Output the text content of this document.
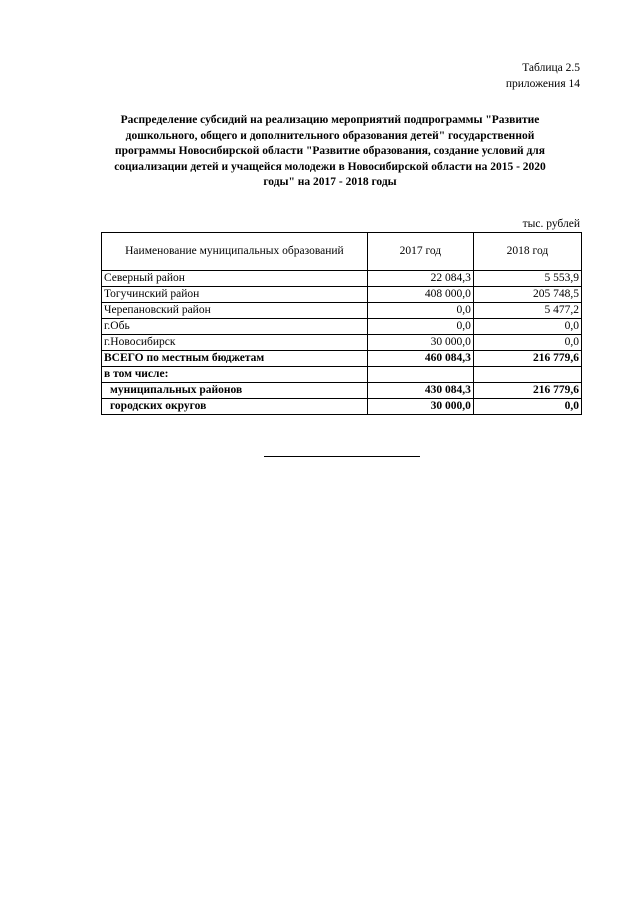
Таблица 2.5
приложения 14
Распределение субсидий на реализацию мероприятий подпрограммы "Развитие дошкольного, общего и дополнительного образования детей" государственной программы Новосибирской области "Развитие образования, создание условий для социализации детей и учащейся молодежи в Новосибирской области на 2015 - 2020 годы" на 2017 - 2018 годы
тыс. рублей
Наименование муниципальных образований	2017 год	2018 год
Северный район	22 084,3	5 553,9
Тогучинский район	408 000,0	205 748,5
Черепановский район	0,0	5 477,2
г.Обь	0,0	0,0
г.Новосибирск	30 000,0	0,0
ВСЕГО по местным бюджетам	460 084,3	216 779,6
в том числе:		
муниципальных районов	430 084,3	216 779,6
городских округов	30 000,0	0,0
